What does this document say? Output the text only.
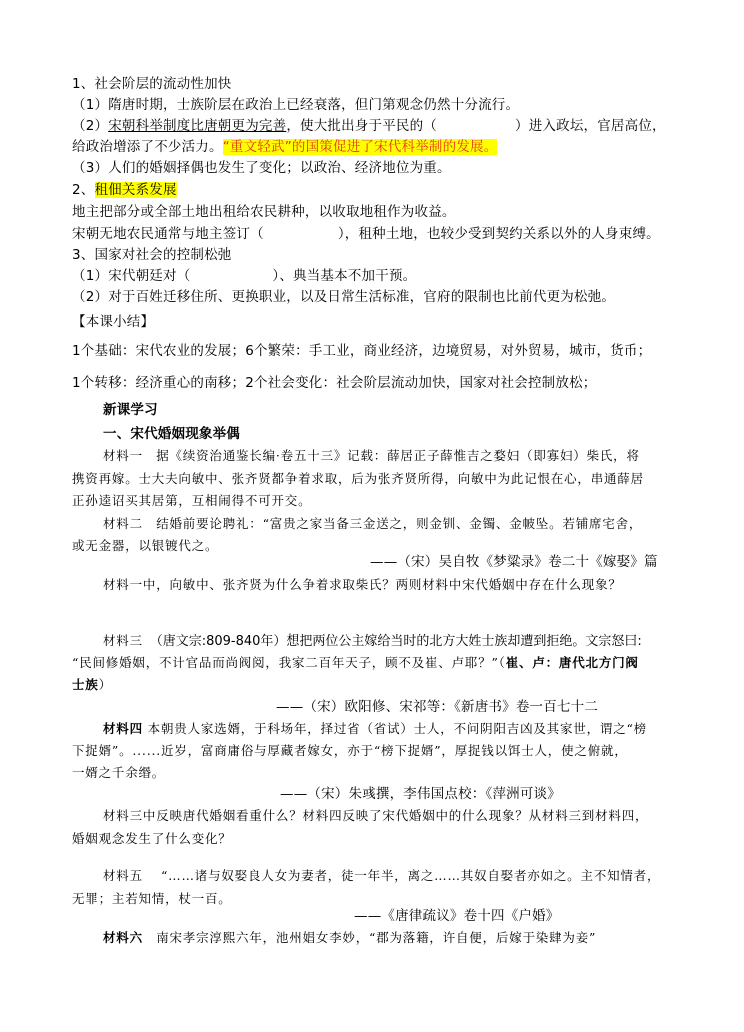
1、社会阶层的流动性加快
（1）隋唐时期，士族阶层在政治上已经衰落，但门第观念仍然十分流行。
（2）宋朝科举制度比唐朝更为完善，使大批出身于平民的（	）进入政坛，官居高位，
给政治增添了不少活力。“重文轻武”的国策促进了宋代科举制的发展。
（3）人们的婚姻择偶也发生了变化；以政治、经济地位为重。
2、租佃关系发展
地主把部分或全部土地出租给农民耕种，以收取地租作为收益。
宋朝无地农民通常与地主签订（	），租种土地，也较少受到契约关系以外的人身束缚。
3、国家对社会的控制松弛
（1）宋代朝廷对（	）、典当基本不加干预。
（2）对于百姓迁移住所、更换职业，以及日常生活标准，官府的限制也比前代更为松弛。
【本课小结】
1个基础：宋代农业的发展；6个繁荣：手工业，商业经济，边境贸易，对外贸易，城市，货币；
1个转移：经济重心的南移；2个社会变化：社会阶层流动加快，国家对社会控制放松；
新课学习
一、宋代婚姻现象举偶
材料一　据《续资治通鉴长编·卷五十三》记载：薛居正子薛惟吉之婺妇（即寡妇）柴氏，将
携资再嫁。士大夫向敏中、张齐贤都争着求取，后为张齐贤所得，向敏中为此记恨在心，串通薛居
正孙逵诏买其居第，互相闹得不可开交。
材料二　结婚前要论聘礼：“富贵之家当备三金送之，则金钏、金镯、金帔坠。若铺席宅舍，
或无金器，以银镀代之。
——（宋）吴自牧《梦粱录》卷二十《嫁娶》篇
材料一中，向敏中、张齐贤为什么争着求取柴氏？两则材料中宋代婚姻中存在什么现象？
材料三　（唐文宗:809-840年）想把两位公主嫁给当时的北方大姓士族却遭到拒绝。文宗怒曰:
“民间修婚姻，不计官品而尚阀阅，我家二百年天子，顾不及崔、卢耶？”（崔、卢：唐代北方门阀
士族）
——（宋）欧阳修、宋祁等：《新唐书》卷一百七十二
材料四 本朝贵人家选婿，于科场年，择过省（省试）士人，不问阴阳吉凶及其家世，谓之“榜
下捉婿”。......近岁，富商庸俗与厚藏者嫁女，亦于“榜下捉婿”，厚捉钱以饵士人，使之俯就，
一婿之千余缗。
——（宋）朱彧撰，李伟国点校：《萍洲可谈》
材料三中反映唐代婚姻看重什么？材料四反映了宋代婚姻中的什么现象？从材料三到材料四，
婚姻观念发生了什么变化？
材料五　 “……诸与奴娶良人女为妻者，徒一年半，离之……其奴自娶者亦如之。主不知情者，
无罪；主若知情，杖一百。
——《唐律疏议》卷十四《户婚》
材料六　南宋孝宗淳熙六年，池州娼女李妙，“郡为落籍，许自便，后嫁于染肆为妾”
